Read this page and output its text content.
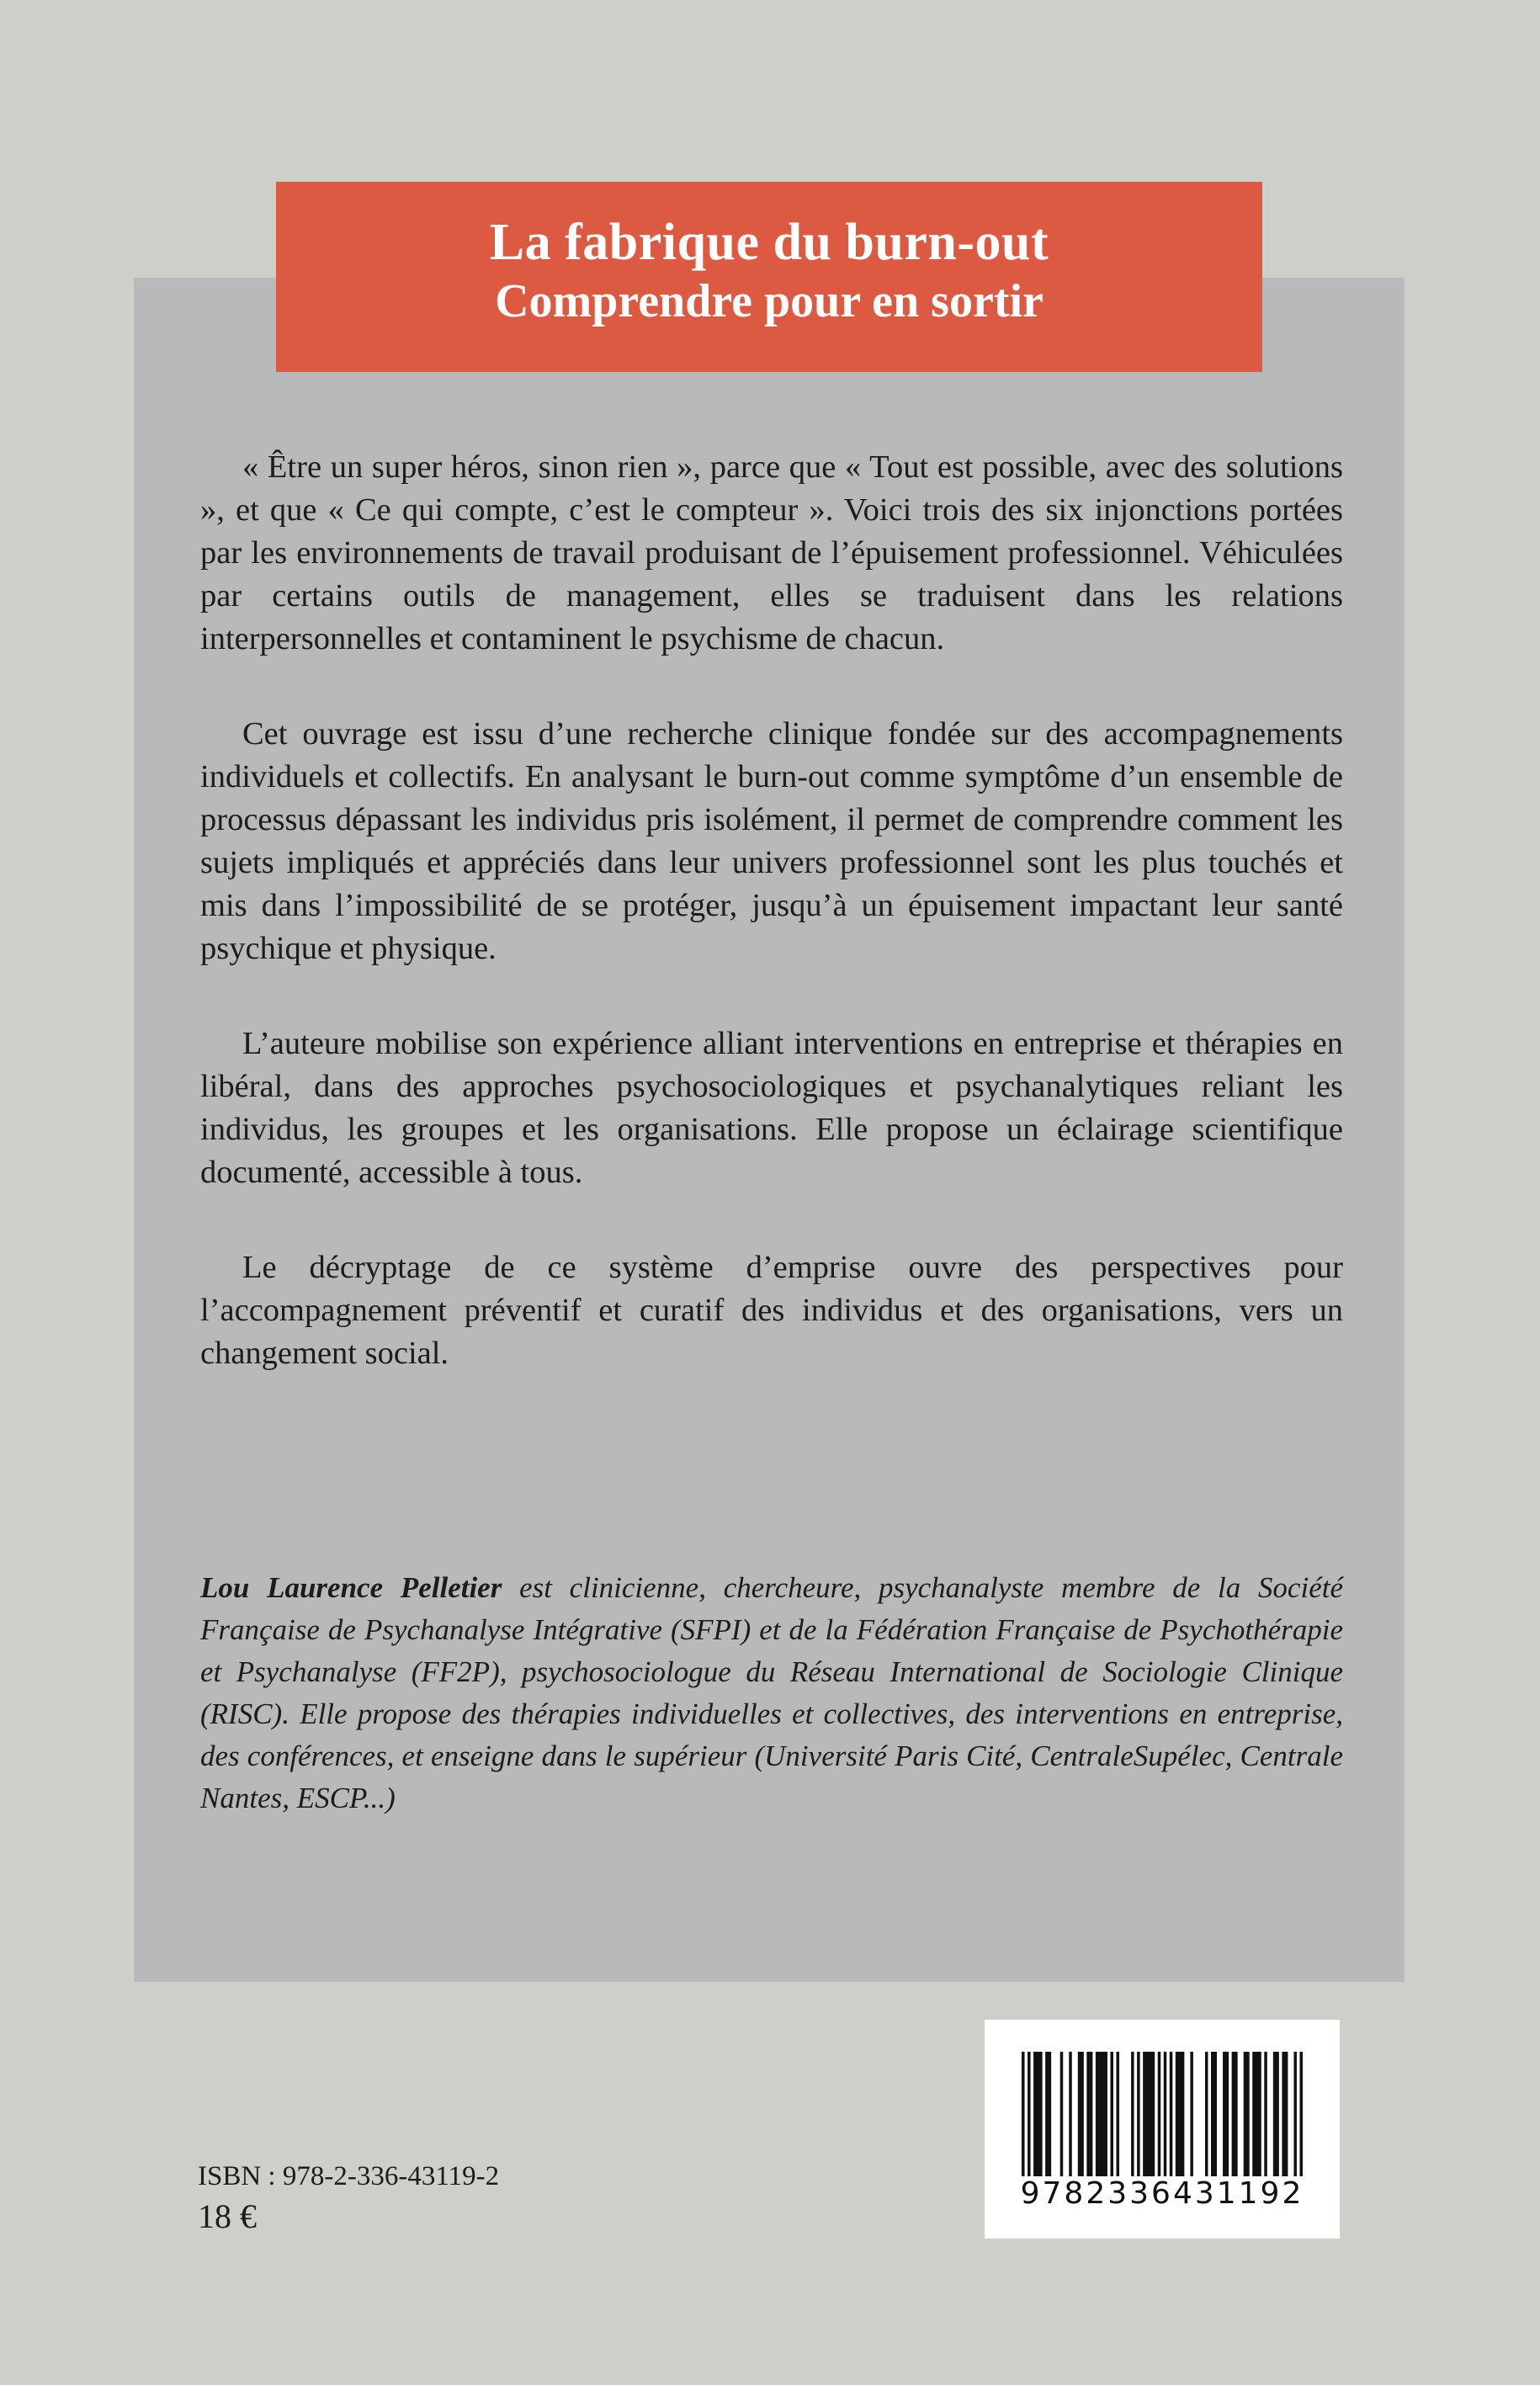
La fabrique du burn-out
Comprendre pour en sortir

« Être un super héros, sinon rien », parce que « Tout est possible, avec des solutions », et que « Ce qui compte, c’est le compteur ». Voici trois des six injonctions portées par les environnements de travail produisant de l’épuisement professionnel. Véhiculées par certains outils de management, elles se traduisent dans les relations interpersonnelles et contaminent le psychisme de chacun.

Cet ouvrage est issu d’une recherche clinique fondée sur des accompagnements individuels et collectifs. En analysant le burn-out comme symptôme d’un ensemble de processus dépassant les individus pris isolément, il permet de comprendre comment les sujets impliqués et appréciés dans leur univers professionnel sont les plus touchés et mis dans l’impossibilité de se protéger, jusqu’à un épuisement impactant leur santé psychique et physique.

L’auteure mobilise son expérience alliant interventions en entreprise et thérapies en libéral, dans des approches psychosociologiques et psychanalytiques reliant les individus, les groupes et les organisations. Elle propose un éclairage scientifique documenté, accessible à tous.

Le décryptage de ce système d’emprise ouvre des perspectives pour l’accompagnement préventif et curatif des individus et des organisations, vers un changement social.

Lou Laurence Pelletier est clinicienne, chercheure, psychanalyste membre de la Société Française de Psychanalyse Intégrative (SFPI) et de la Fédération Française de Psychothérapie et Psychanalyse (FF2P), psychosociologue du Réseau International de Sociologie Clinique (RISC). Elle propose des thérapies individuelles et collectives, des interventions en entreprise, des conférences, et enseigne dans le supérieur (Université Paris Cité, CentraleSupélec, Centrale Nantes, ESCP...)
ISBN : 978-2-336-43119-2
18 €
9782336431192
